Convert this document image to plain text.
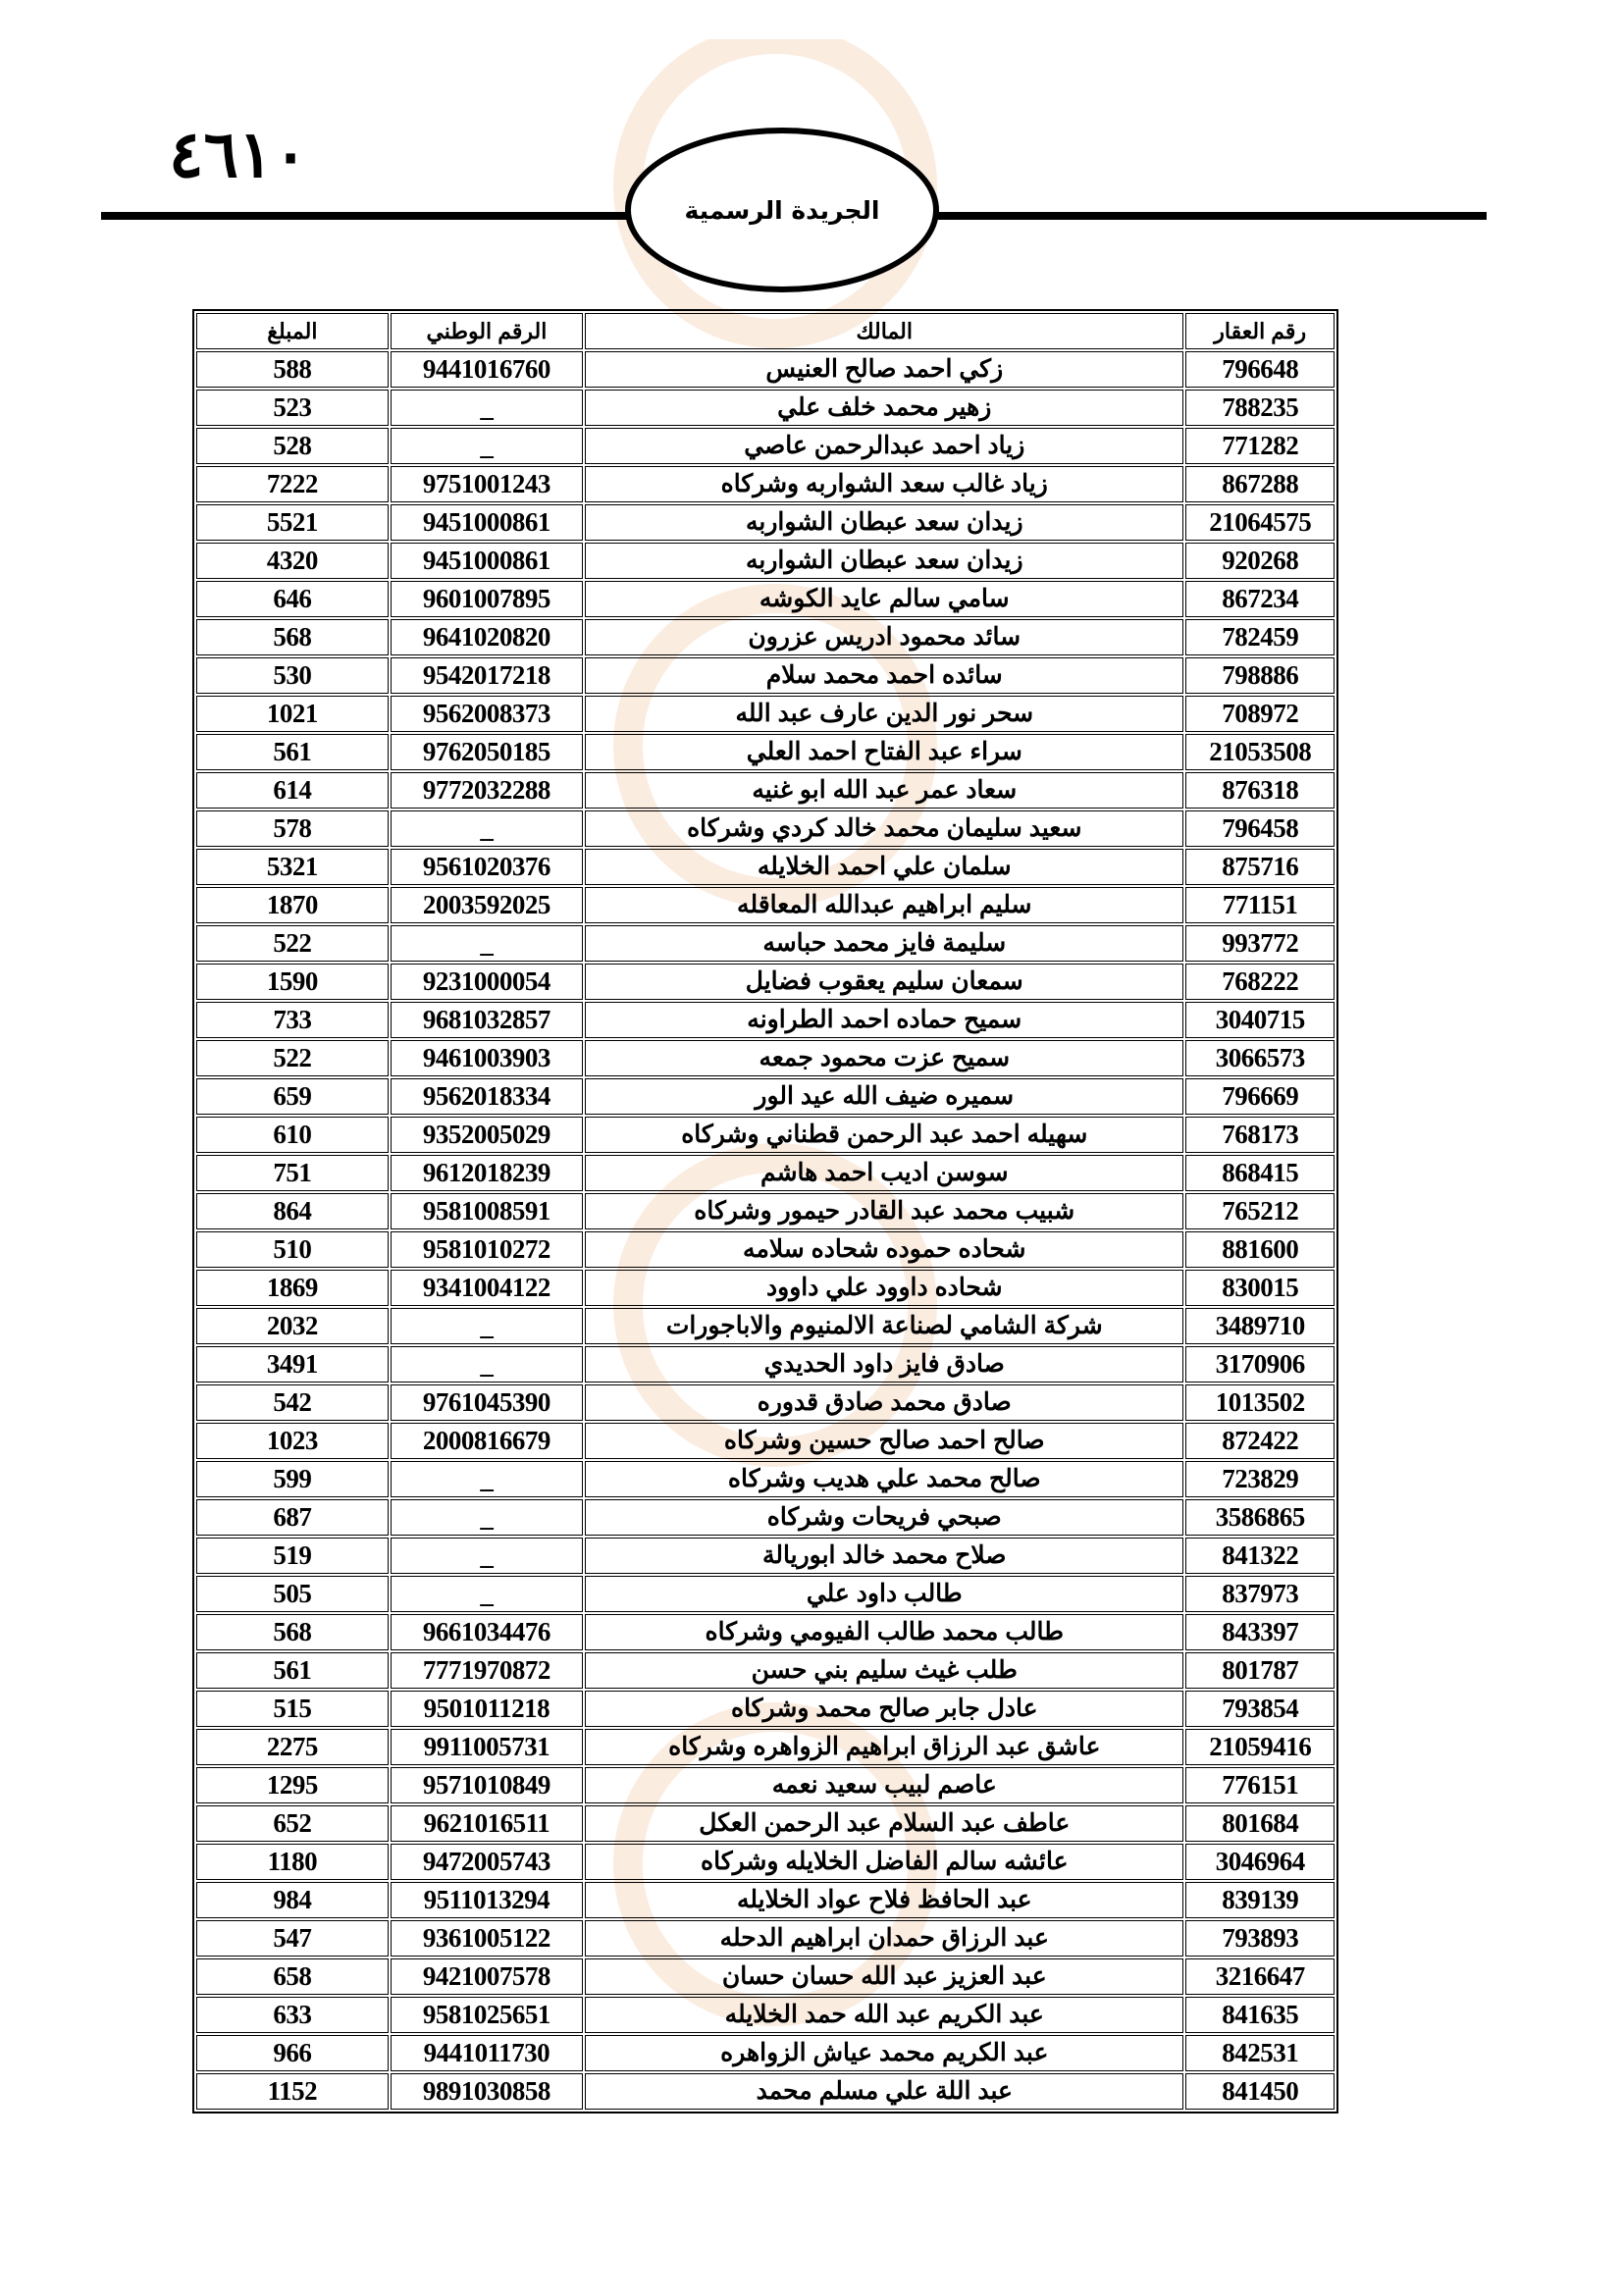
٤٦١٠
الجريدة الرسمية
رقم العقار	المالك	الرقم الوطني	المبلغ
796648	زكي احمد صالح العنيس	9441016760	588
788235	زهير محمد خلف علي	_	523
771282	زياد احمد عبدالرحمن عاصي	_	528
867288	زياد غالب سعد الشواربه وشركاه	9751001243	7222
21064575	زيدان سعد عبطان الشواربه	9451000861	5521
920268	زيدان سعد عبطان الشواربه	9451000861	4320
867234	سامي سالم عايد الكوشه	9601007895	646
782459	سائد محمود ادريس عزرون	9641020820	568
798886	سائده احمد محمد سلام	9542017218	530
708972	سحر نور الدين عارف عبد الله	9562008373	1021
21053508	سراء عبد الفتاح احمد العلي	9762050185	561
876318	سعاد عمر عبد الله ابو غنيه	9772032288	614
796458	سعيد سليمان محمد خالد كردي وشركاه	_	578
875716	سلمان علي احمد الخلايله	9561020376	5321
771151	سليم ابراهيم عبدالله المعاقله	2003592025	1870
993772	سليمة فايز محمد حباسه	_	522
768222	سمعان سليم يعقوب فضايل	9231000054	1590
3040715	سميح حماده احمد الطراونه	9681032857	733
3066573	سميح عزت محمود جمعه	9461003903	522
796669	سميره ضيف الله عيد الور	9562018334	659
768173	سهيله احمد عبد الرحمن قطناني وشركاه	9352005029	610
868415	سوسن اديب احمد هاشم	9612018239	751
765212	شبيب محمد عبد القادر حيمور وشركاه	9581008591	864
881600	شحاده حموده شحاده سلامه	9581010272	510
830015	شحاده داوود علي داوود	9341004122	1869
3489710	شركة الشامي لصناعة الالمنيوم والاباجورات	_	2032
3170906	صادق فايز داود الحديدي	_	3491
1013502	صادق محمد صادق قدوره	9761045390	542
872422	صالح احمد صالح حسين وشركاه	2000816679	1023
723829	صالح محمد علي هديب وشركاه	_	599
3586865	صبحي فريحات وشركاه	_	687
841322	صلاح محمد خالد ابوريالة	_	519
837973	طالب داود علي	_	505
843397	طالب محمد طالب الفيومي وشركاه	9661034476	568
801787	طلب غيث سليم بني حسن	7771970872	561
793854	عادل جابر صالح محمد وشركاه	9501011218	515
21059416	عاشق عبد الرزاق ابراهيم الزواهره وشركاه	9911005731	2275
776151	عاصم لبيب سعيد نعمه	9571010849	1295
801684	عاطف عبد السلام عبد الرحمن العكل	9621016511	652
3046964	عائشه سالم الفاضل الخلايله وشركاه	9472005743	1180
839139	عبد الحافظ فلاح عواد الخلايله	9511013294	984
793893	عبد الرزاق حمدان ابراهيم الدحله	9361005122	547
3216647	عبد العزيز عبد الله حسان حسان	9421007578	658
841635	عبد الكريم عبد الله حمد الخلايله	9581025651	633
842531	عبد الكريم محمد عياش الزواهره	9441011730	966
841450	عبد اللة علي مسلم محمد	9891030858	1152
